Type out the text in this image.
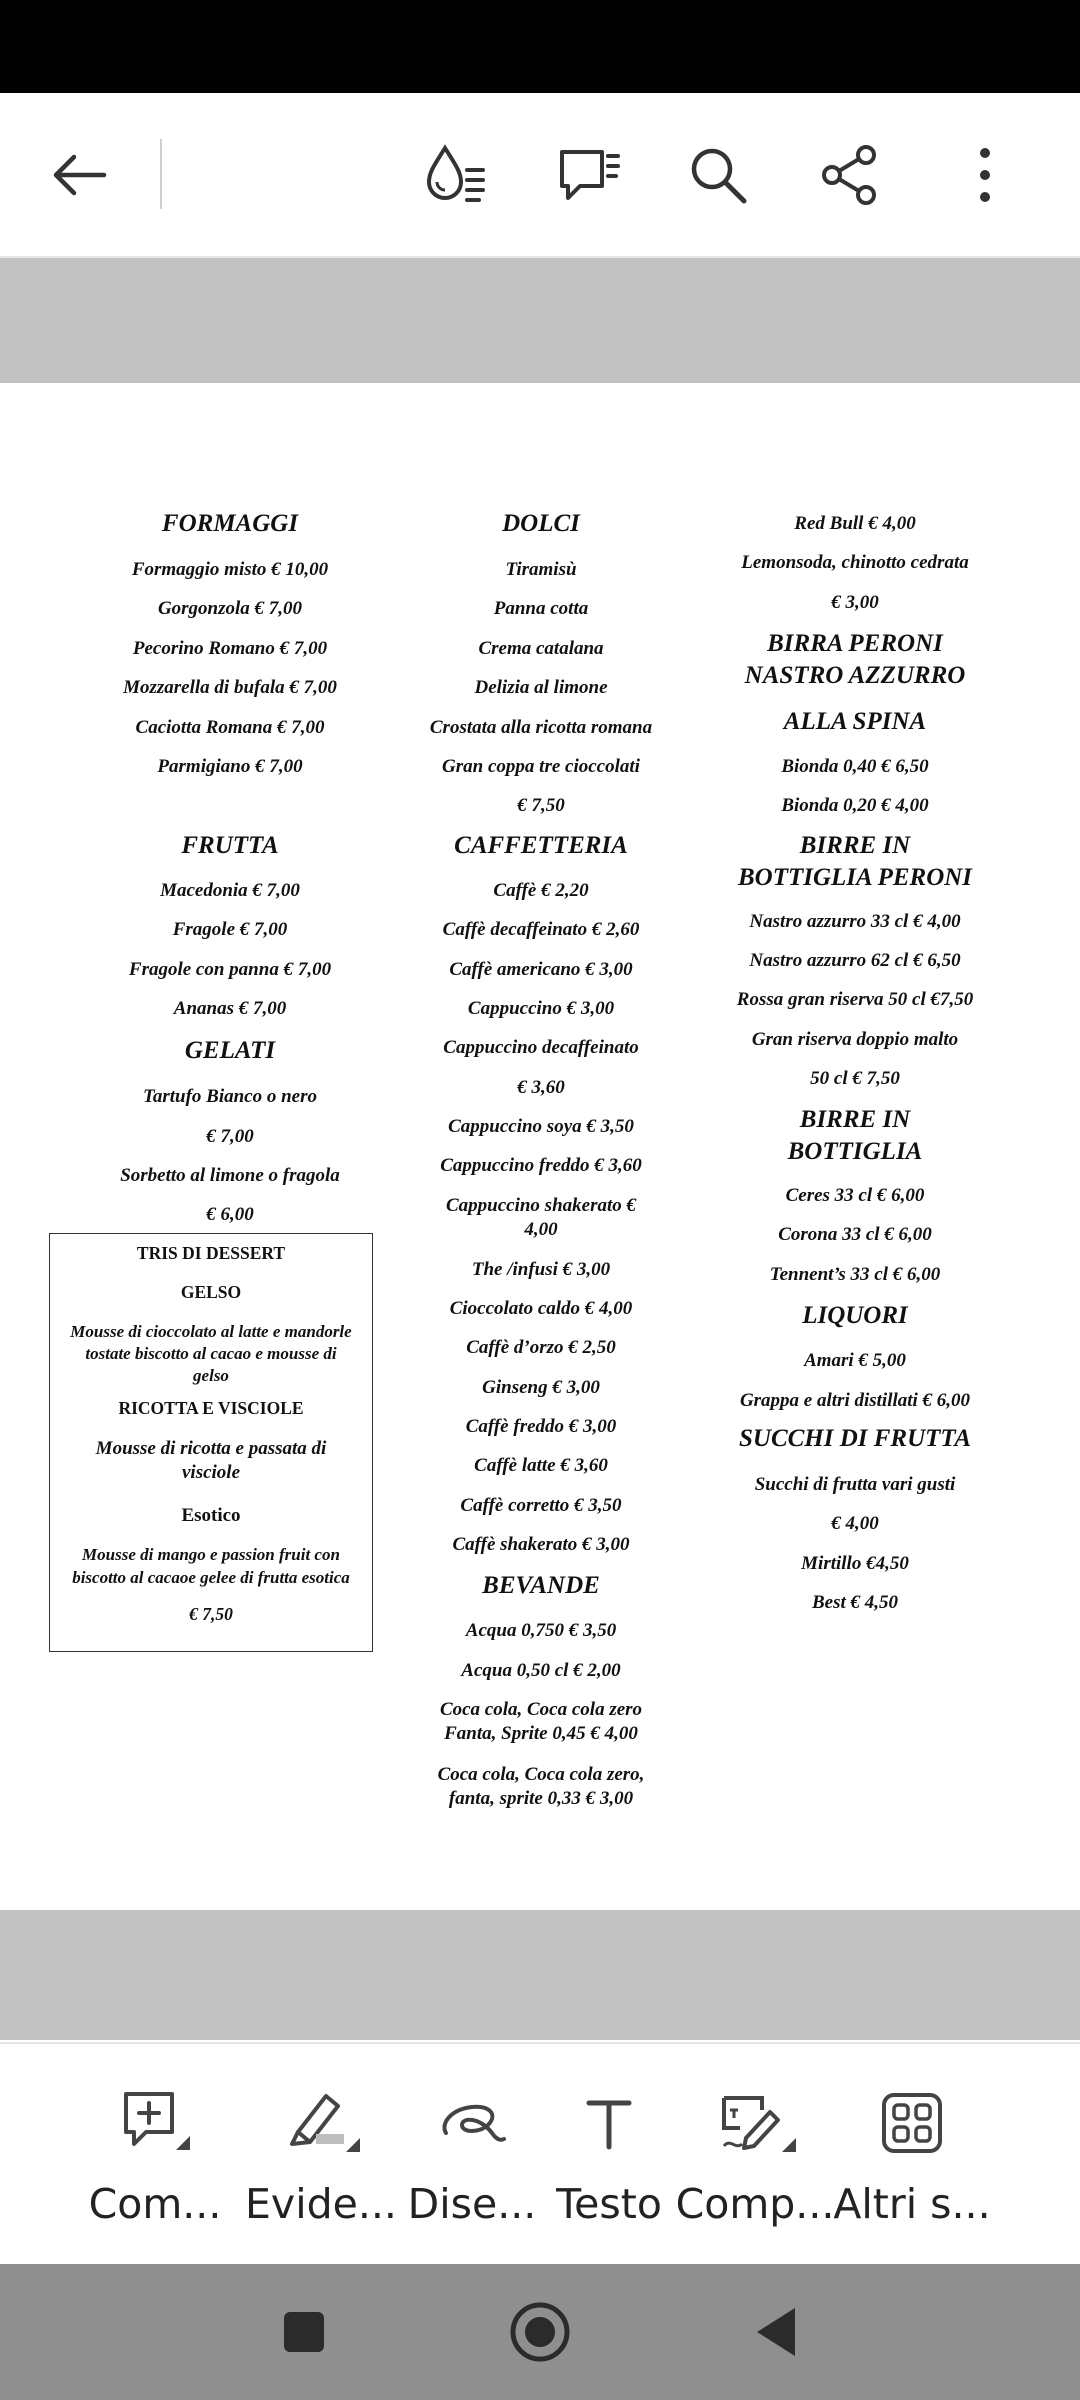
FORMAGGI
Formaggio misto € 10,00
Gorgonzola € 7,00
Pecorino Romano € 7,00
Mozzarella di bufala € 7,00
Caciotta Romana € 7,00
Parmigiano € 7,00
FRUTTA
Macedonia € 7,00
Fragole € 7,00
Fragole con panna € 7,00
Ananas € 7,00
GELATI
Tartufo Bianco o nero
€ 7,00
Sorbetto al limone o fragola
€ 6,00
TRIS DI DESSERT
GELSO
Mousse di cioccolato al latte e mandorle tostate biscotto al cacao e mousse di gelso
RICOTTA E VISCIOLE
Mousse di ricotta e passata di visciole
Esotico
Mousse di mango e passion fruit con biscotto al cacaoe gelee di frutta esotica
€ 7,50
DOLCI
Tiramisù
Panna cotta
Crema catalana
Delizia al limone
Crostata alla ricotta romana
Gran coppa tre cioccolati
€ 7,50
CAFFETTERIA
Caffè € 2,20
Caffè decaffeinato € 2,60
Caffè americano € 3,00
Cappuccino € 3,00
Cappuccino decaffeinato
€ 3,60
Cappuccino soya € 3,50
Cappuccino freddo € 3,60
Cappuccino shakerato €
4,00
The /infusi € 3,00
Cioccolato caldo € 4,00
Caffè d’orzo € 2,50
Ginseng € 3,00
Caffè freddo € 3,00
Caffè latte € 3,60
Caffè corretto € 3,50
Caffè shakerato € 3,00
BEVANDE
Acqua 0,750 € 3,50
Acqua 0,50 cl € 2,00
Coca cola, Coca cola zero
Fanta, Sprite 0,45 € 4,00
Coca cola, Coca cola zero,
fanta, sprite 0,33 € 3,00
Red Bull € 4,00
Lemonsoda, chinotto cedrata
€ 3,00
BIRRA PERONI
NASTRO AZZURRO
ALLA SPINA
Bionda 0,40 € 6,50
Bionda 0,20 € 4,00
BIRRE IN
BOTTIGLIA PERONI
Nastro azzurro 33 cl € 4,00
Nastro azzurro 62 cl € 6,50
Rossa gran riserva 50 cl €7,50
Gran riserva doppio malto
50 cl € 7,50
BIRRE IN
BOTTIGLIA
Ceres 33 cl € 6,00
Corona 33 cl € 6,00
Tennent’s 33 cl € 6,00
LIQUORI
Amari € 5,00
Grappa e altri distillati € 6,00
SUCCHI DI FRUTTA
Succhi di frutta vari gusti
€ 4,00
Mirtillo €4,50
Best € 4,50
Com... Evide... Dise... Testo Comp...
Altri s...
